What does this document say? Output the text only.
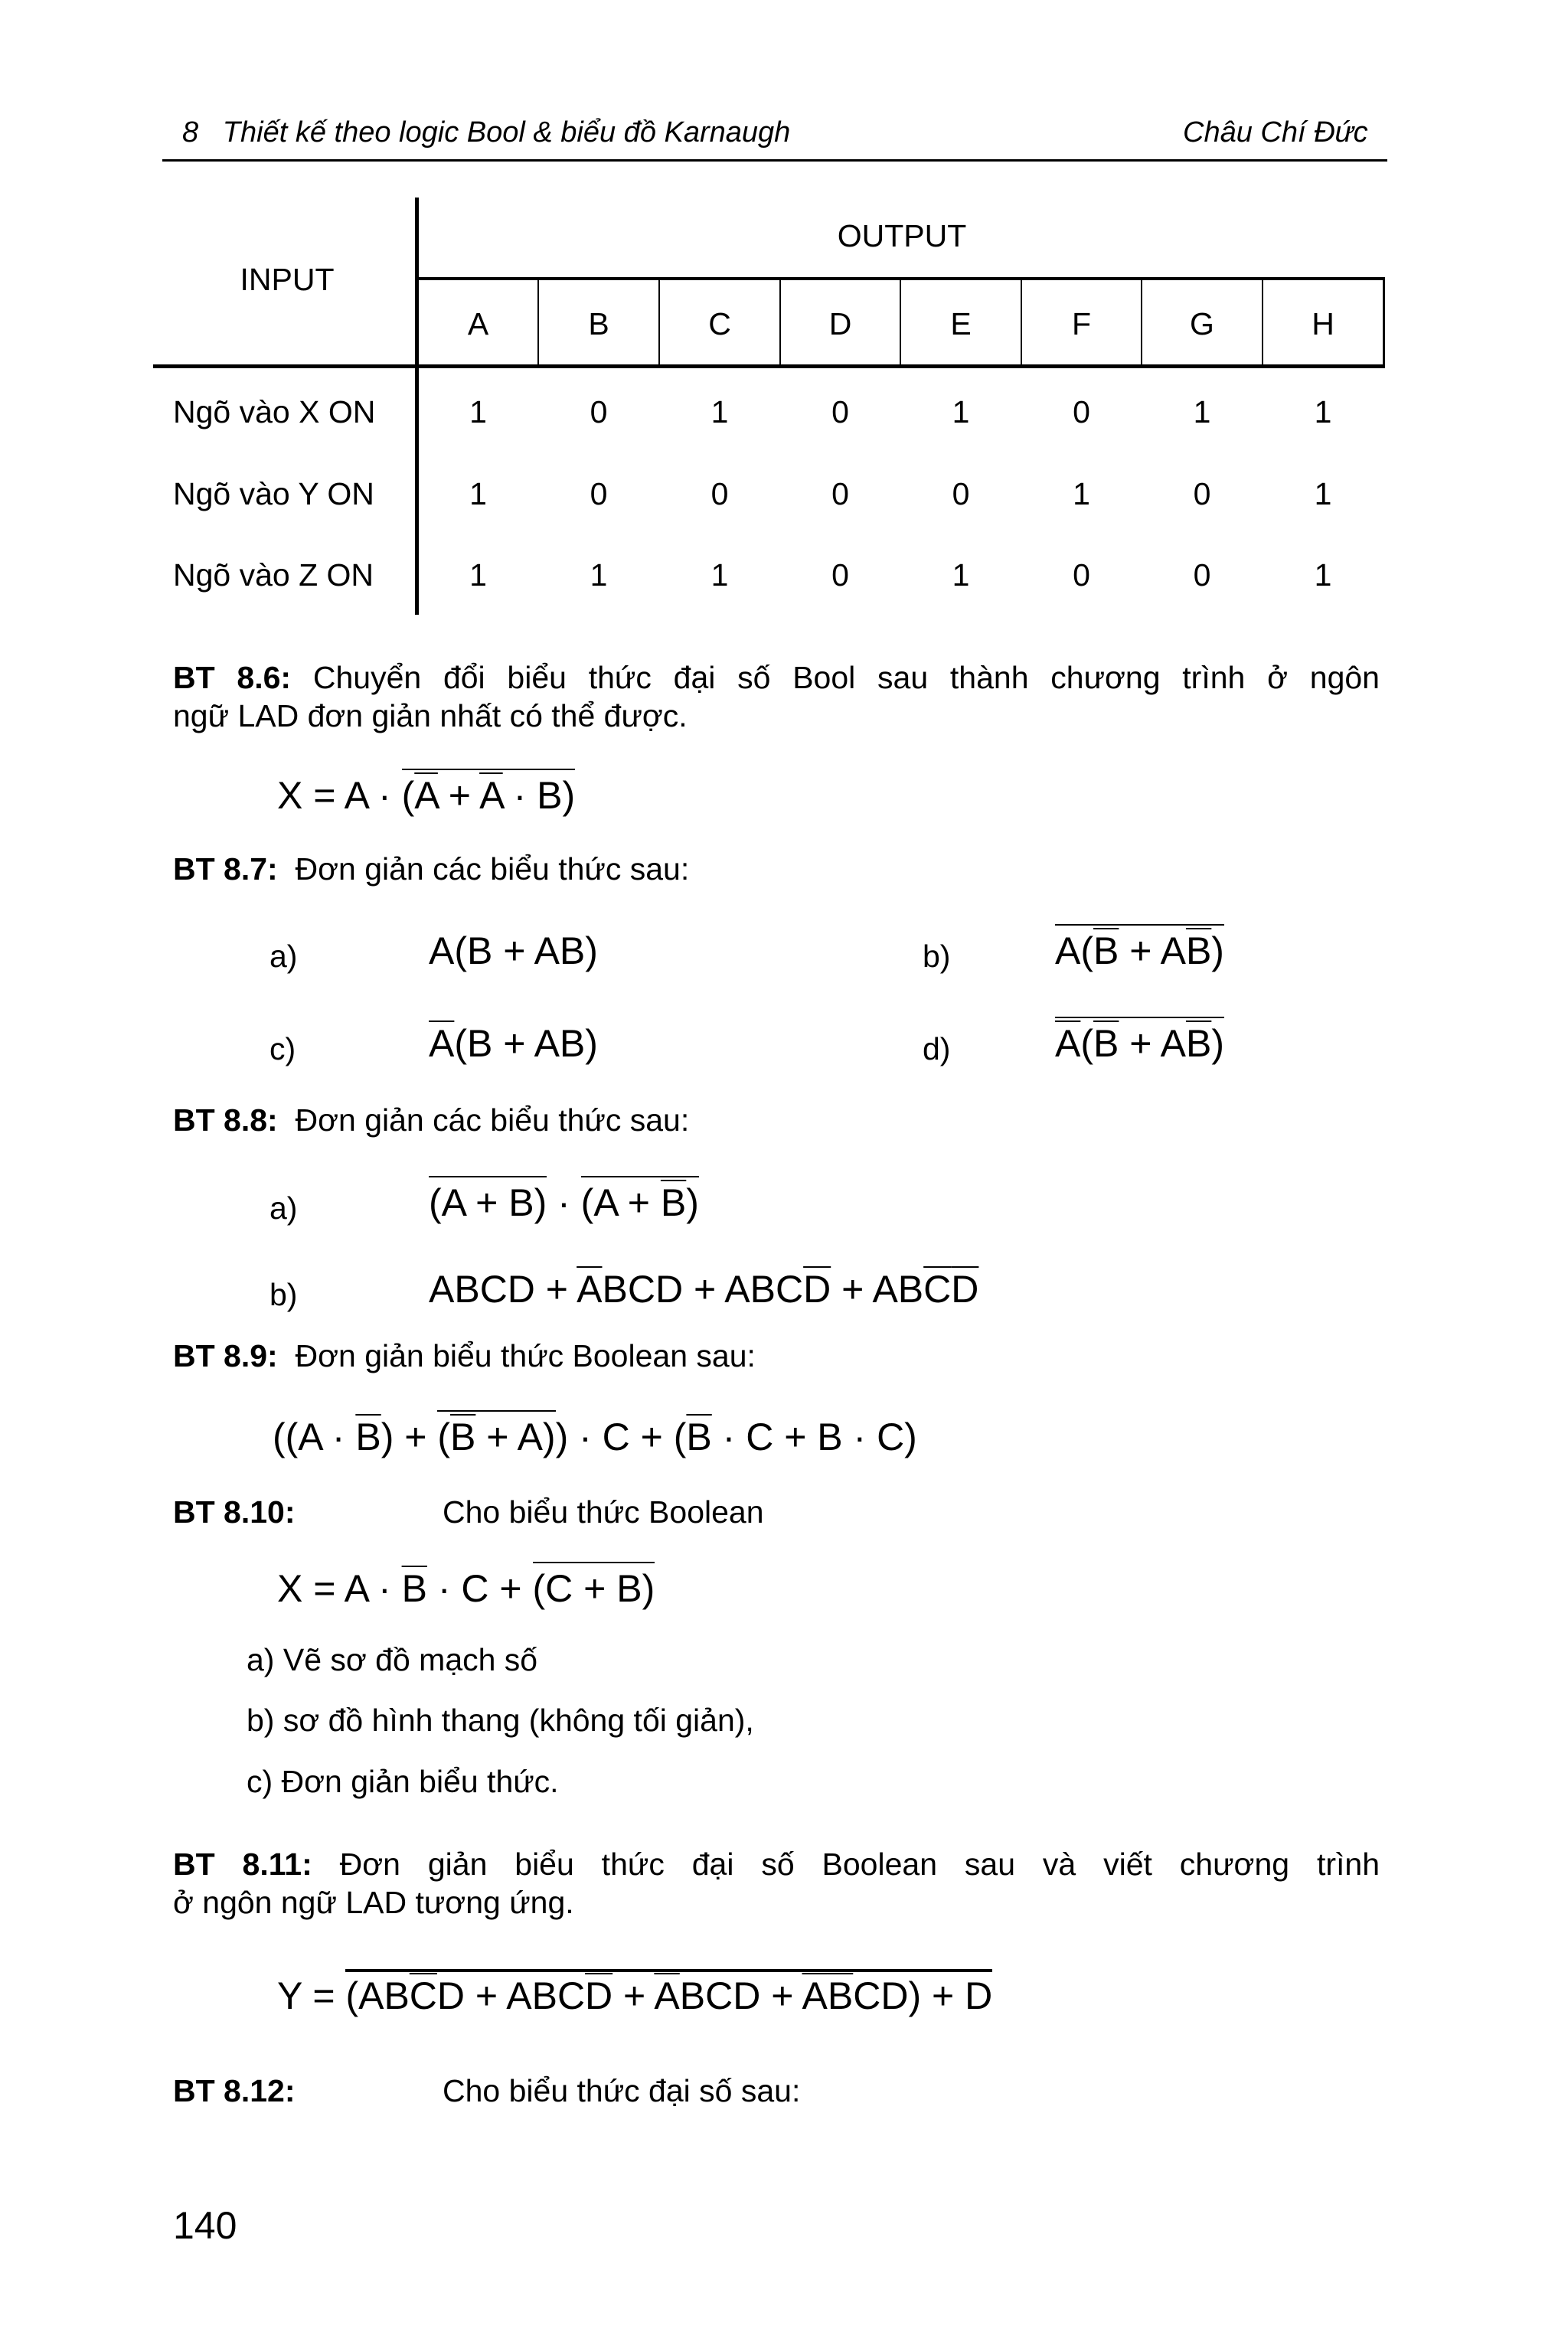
8   Thiết kế theo logic Bool & biểu đồ Karnaugh	Châu Chí Đức
INPUT
OUTPUT
A	B	C	D	E	F	G	H
Ngõ vào X ON	1	0	1	0	1	0	1	1
Ngõ vào Y ON	1	0	0	0	0	1	0	1
Ngõ vào Z ON	1	1	1	0	1	0	0	1
BT 8.6: Chuyển đổi biểu thức đại số Bool sau thành chương trình ở ngôn
ngữ LAD đơn giản nhất có thể được.
$X = A \cdot (\overline{A} + \overline{A} \cdot B)$
BT 8.7: Đơn giản các biểu thức sau:
a)	A(B + AB)	b)	$A(\overline{B} + A\overline{B})$
c)	$\overline{A}(B + AB)$	d)	$\overline{A}(\overline{B} + A\overline{B})$
BT 8.8: Đơn giản các biểu thức sau:
a)	$(A + B) \cdot (A + \overline{B})$
b)	ABCD + $\overline{A}BCD + ABC\overline{D} + AB\overline{C}\overline{D}$
BT 8.9: Đơn giản biểu thức Boolean sau:
$((A \cdot \overline{B}) + (\overline{B} + A)) \cdot C + (\overline{B} \cdot C + B \cdot C)$
BT 8.10:	Cho biểu thức Boolean
$X = A \cdot \overline{B} \cdot C + (C + B)$
a) Vẽ sơ đồ mạch số
b) sơ đồ hình thang (không tối giản),
c) Đơn giản biểu thức.
BT 8.11: Đơn giản biểu thức đại số Boolean sau và viết chương trình
ở ngôn ngữ LAD tương ứng.
$Y = (AB\overline{C}D + ABC\overline{D} + \overline{A}BCD + \overline{A}\overline{B}CD) + D$
BT 8.12:	Cho biểu thức đại số sau:
140
